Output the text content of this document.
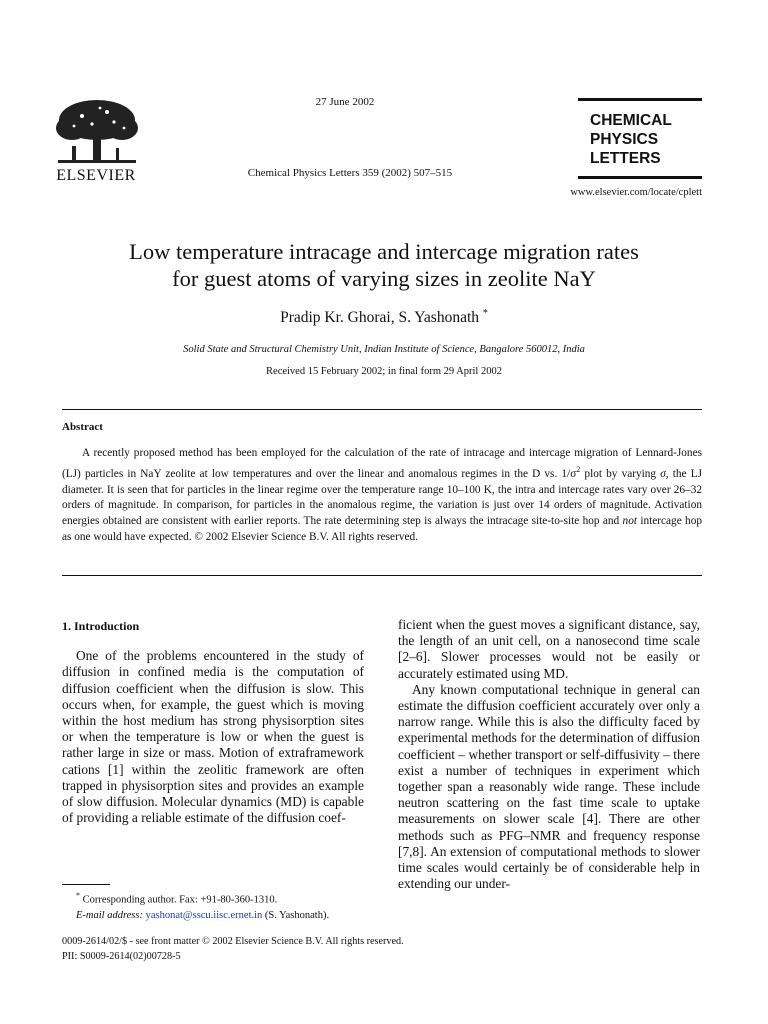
ELSEVIER
27 June 2002
Chemical Physics Letters 359 (2002) 507–515
CHEMICAL
PHYSICS
LETTERS
www.elsevier.com/locate/cplett
Low temperature intracage and intercage migration rates
for guest atoms of varying sizes in zeolite NaY
Pradip Kr. Ghorai, S. Yashonath *
Solid State and Structural Chemistry Unit, Indian Institute of Science, Bangalore 560012, India
Received 15 February 2002; in final form 29 April 2002
Abstract
A recently proposed method has been employed for the calculation of the rate of intracage and intercage migration of Lennard-Jones (LJ) particles in NaY zeolite at low temperatures and over the linear and anomalous regimes in the D vs. $1/\sigma^2$ plot by varying σ, the LJ diameter. It is seen that for particles in the linear regime over the temperature range 10–100 K, the intra and intercage rates vary over 26–32 orders of magnitude. In comparison, for particles in the anomalous regime, the variation is just over 14 orders of magnitude. Activation energies obtained are consistent with earlier reports. The rate determining step is always the intracage site-to-site hop and not intercage hop as one would have expected. © 2002 Elsevier Science B.V. All rights reserved.
1. Introduction

One of the problems encountered in the study of diffusion in confined media is the computation of diffusion coefficient when the diffusion is slow. This occurs when, for example, the guest which is moving within the host medium has strong physisorption sites or when the temperature is low or when the guest is rather large in size or mass. Motion of extraframework cations [1] within the zeolitic framework are often trapped in physisorption sites and provides an example of slow diffusion. Molecular dynamics (MD) is capable of providing a reliable estimate of the diffusion coef-

ficient when the guest moves a significant distance, say, the length of an unit cell, on a nanosecond time scale [2–6]. Slower processes would not be easily or accurately estimated using MD.

Any known computational technique in general can estimate the diffusion coefficient accurately over only a narrow range. While this is also the difficulty faced by experimental methods for the determination of diffusion coefficient – whether transport or self-diffusivity – there exist a number of techniques in experiment which together span a reasonably wide range. These include neutron scattering on the fast time scale to uptake measurements on slower scale [4]. There are other methods such as PFG–NMR and frequency response [7,8]. An extension of computational methods to slower time scales would certainly be of considerable help in extending our under-

* Corresponding author. Fax: +91-80-360-1310.
E-mail address: yashonat@sscu.iisc.ernet.in (S. Yashonath).
0009-2614/02/$ - see front matter © 2002 Elsevier Science B.V. All rights reserved.
PII: S0009-2614(02)00728-5
